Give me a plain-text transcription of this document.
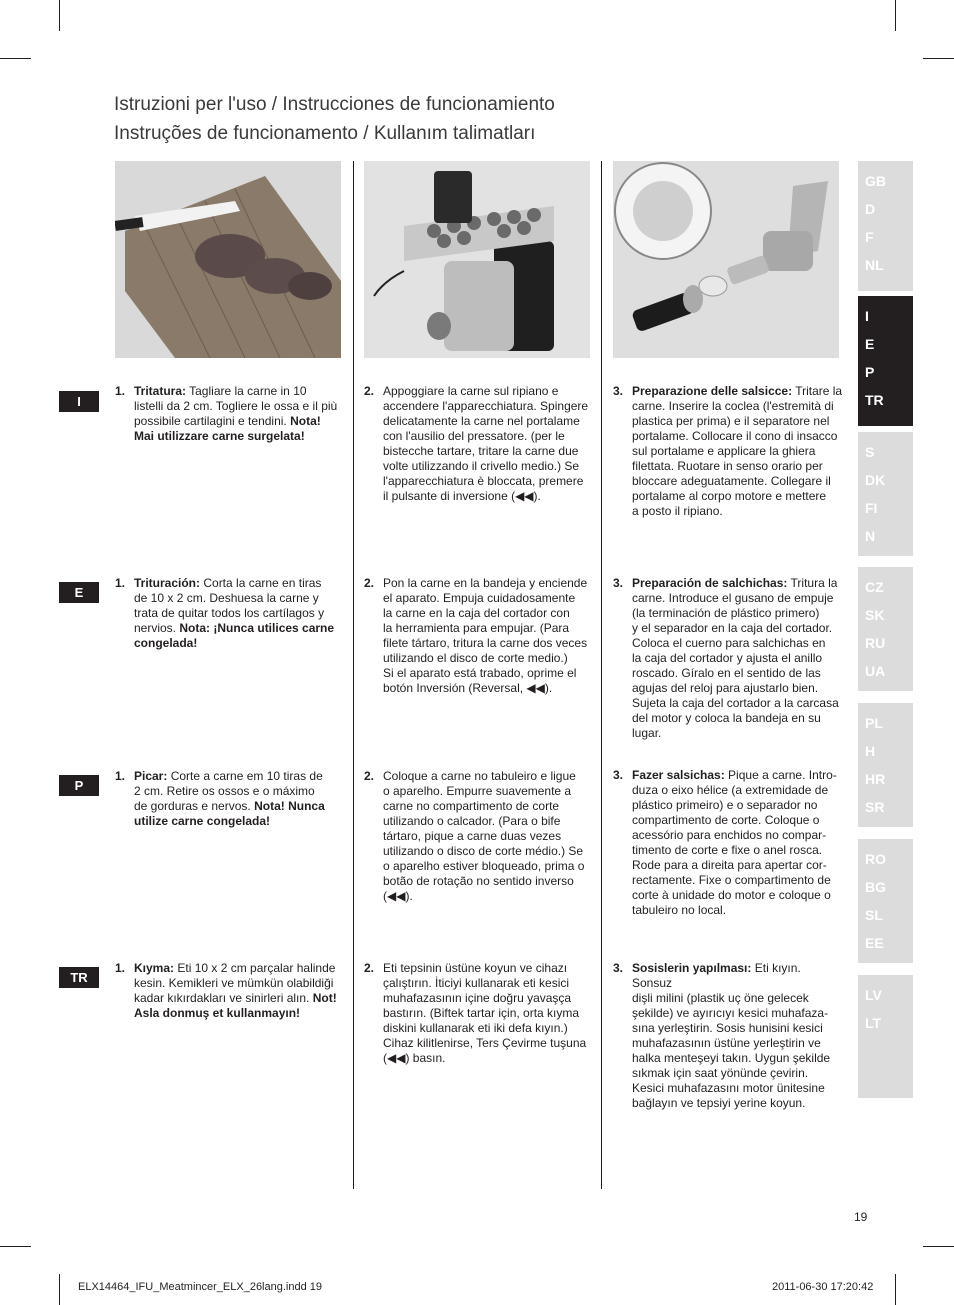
Istruzioni per l'uso / Instrucciones de funcionamiento
Instruções de funcionamento / Kullanım talimatları
I
E
P
TR
1. Tritatura: Tagliare la carne in 10
listelli da 2 cm. Togliere le ossa e il più
possibile cartilagini e tendini. Nota!
Mai utilizzare carne surgelata!
2. Appoggiare la carne sul ripiano e
accendere l'apparecchiatura. Spingere
delicatamente la carne nel portalame
con l'ausilio del pressatore. (per le
bistecche tartare, tritare la carne due
volte utilizzando il crivello medio.) Se
l'apparecchiatura è bloccata, premere
il pulsante di inversione (◀◀).
3. Preparazione delle salsicce: Tritare la
carne. Inserire la coclea (l'estremità di
plastica per prima) e il separatore nel
portalame. Collocare il cono di insacco
sul portalame e applicare la ghiera
filettata. Ruotare in senso orario per
bloccare adeguatamente. Collegare il
portalame al corpo motore e mettere
a posto il ripiano.
1. Trituración: Corta la carne en tiras
de 10 x 2 cm. Deshuesa la carne y
trata de quitar todos los cartílagos y
nervios. Nota: ¡Nunca utilices carne
congelada!
2. Pon la carne en la bandeja y enciende
el aparato. Empuja cuidadosamente
la carne en la caja del cortador con
la herramienta para empujar. (Para
filete tártaro, tritura la carne dos veces
utilizando el disco de corte medio.)
Si el aparato está trabado, oprime el
botón Inversión (Reversal, ◀◀).
3. Preparación de salchichas: Tritura la
carne. Introduce el gusano de empuje
(la terminación de plástico primero)
y el separador en la caja del cortador.
Coloca el cuerno para salchichas en
la caja del cortador y ajusta el anillo
roscado. Gíralo en el sentido de las
agujas del reloj para ajustarlo bien.
Sujeta la caja del cortador a la carcasa
del motor y coloca la bandeja en su
lugar.
1. Picar: Corte a carne em 10 tiras de
2 cm. Retire os ossos e o máximo
de gorduras e nervos. Nota! Nunca
utilize carne congelada!
2. Coloque a carne no tabuleiro e ligue
o aparelho. Empurre suavemente a
carne no compartimento de corte
utilizando o calcador. (Para o bife
tártaro, pique a carne duas vezes
utilizando o disco de corte médio.) Se
o aparelho estiver bloqueado, prima o
botão de rotação no sentido inverso
(◀◀).
3. Fazer salsichas: Pique a carne. Intro-
duza o eixo hélice (a extremidade de
plástico primeiro) e o separador no
compartimento de corte. Coloque o
acessório para enchidos no compar-
timento de corte e fixe o anel rosca.
Rode para a direita para apertar cor-
rectamente. Fixe o compartimento de
corte à unidade do motor e coloque o
tabuleiro no local.
1. Kıyma: Eti 10 x 2 cm parçalar halinde
kesin. Kemikleri ve mümkün olabildiği
kadar kıkırdakları ve sinirleri alın. Not!
Asla donmuş et kullanmayın!
2. Eti tepsinin üstüne koyun ve cihazı
çalıştırın. İticiyi kullanarak eti kesici
muhafazasının içine doğru yavaşça
bastırın. (Biftek tartar için, orta kıyma
diskini kullanarak eti iki defa kıyın.)
Cihaz kilitlenirse, Ters Çevirme tuşuna
(◀◀) basın.
3. Sosislerin yapılması: Eti kıyın. Sonsuz
dişli milini (plastik uç öne gelecek
şekilde) ve ayırıcıyı kesici muhafaza-
sına yerleştirin. Sosis hunisini kesici
muhafazasının üstüne yerleştirin ve
halka menteşeyi takın. Uygun şekilde
sıkmak için saat yönünde çevirin.
Kesici muhafazasını motor ünitesine
bağlayın ve tepsiyi yerine koyun.
GB
D
F
NL
I
E
P
TR
S
DK
FI
N
CZ
SK
RU
UA
PL
H
HR
SR
RO
BG
SL
EE
LV
LT
19
ELX14464_IFU_Meatmincer_ELX_26lang.indd 19	2011-06-30 17:20:42
